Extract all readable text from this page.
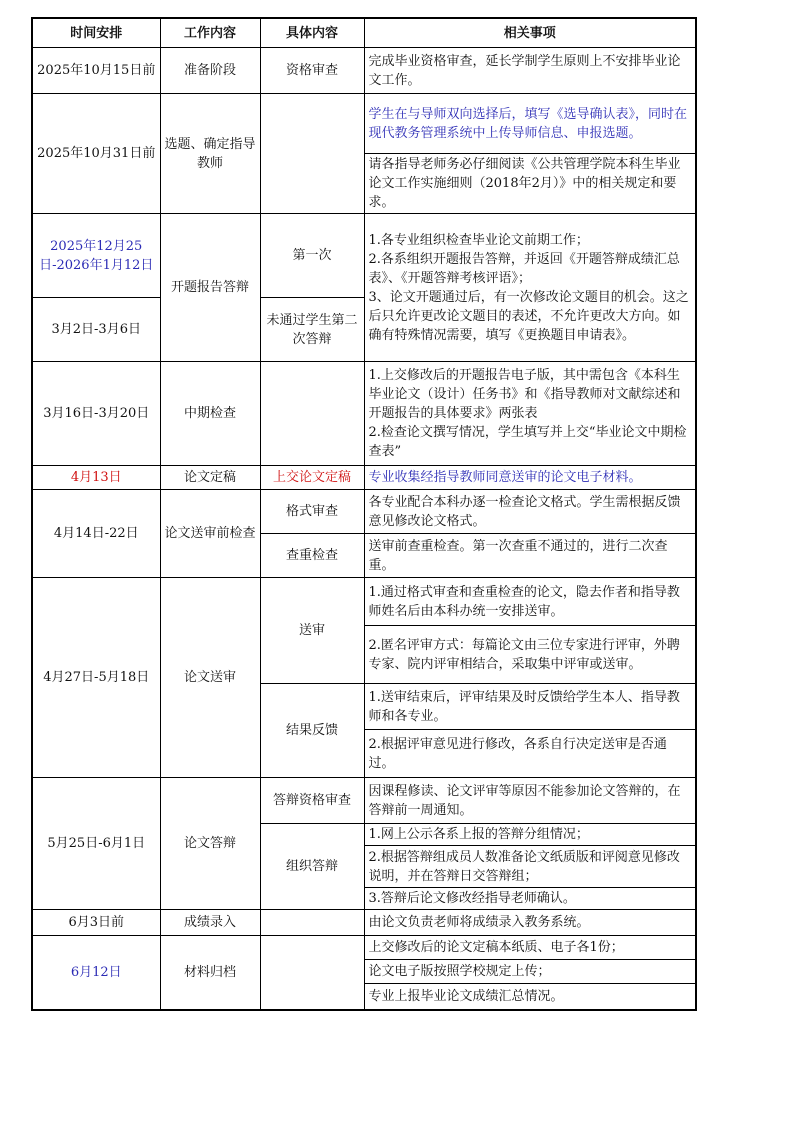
时间安排	工作内容	具体内容	相关事项
2025年10月15日前	准备阶段	资格审查	完成毕业资格审查，延长学制学生原则上不安排毕业论文工作。
2025年10月31日前	选题、确定指导教师		学生在与导师双向选择后，填写《选导确认表》，同时在现代教务管理系统中上传导师信息、申报选题。
			请各指导老师务必仔细阅读《公共管理学院本科生毕业论文工作实施细则（2018年2月）》中的相关规定和要求。
2025年12月25日-2026年1月12日	开题报告答辩	第一次	1.各专业组织检查毕业论文前期工作；
2.各系组织开题报告答辩，并返回《开题答辩成绩汇总表》、《开题答辩考核评语》；
3、论文开题通过后，有一次修改论文题目的机会。这之后只允许更改论文题目的表述，不允许更改大方向。如确有特殊情况需要，填写《更换题目申请表》。
3月2日-3月6日		未通过学生第二次答辩	
3月16日-3月20日	中期检查		1.上交修改后的开题报告电子版，其中需包含《本科生毕业论文（设计）任务书》和《指导教师对文献综述和开题报告的具体要求》两张表
2.检查论文撰写情况，学生填写并上交“毕业论文中期检查表”
4月13日	论文定稿	上交论文定稿	专业收集经指导教师同意送审的论文电子材料。
4月14日-22日	论文送审前检查	格式审查	各专业配合本科办逐一检查论文格式。学生需根据反馈意见修改论文格式。
		查重检查	送审前查重检查。第一次查重不通过的，进行二次查重。
4月27日-5月18日	论文送审	送审	1.通过格式审查和查重检查的论文，隐去作者和指导教师姓名后由本科办统一安排送审。
			2.匿名评审方式：每篇论文由三位专家进行评审，外聘专家、院内评审相结合，采取集中评审或送审。
		结果反馈	1.送审结束后，评审结果及时反馈给学生本人、指导教师和各专业。
			2.根据评审意见进行修改，各系自行决定送审是否通过。
5月25日-6月1日	论文答辩	答辩资格审查	因课程修读、论文评审等原因不能参加论文答辩的，在答辩前一周通知。
		组织答辩	1.网上公示各系上报的答辩分组情况；
			2.根据答辩组成员人数准备论文纸质版和评阅意见修改说明，并在答辩日交答辩组；
			3.答辩后论文修改经指导老师确认。
6月3日前	成绩录入		由论文负责老师将成绩录入教务系统。
6月12日	材料归档		上交修改后的论文定稿本纸质、电子各1份；
			论文电子版按照学校规定上传；
			专业上报毕业论文成绩汇总情况。
